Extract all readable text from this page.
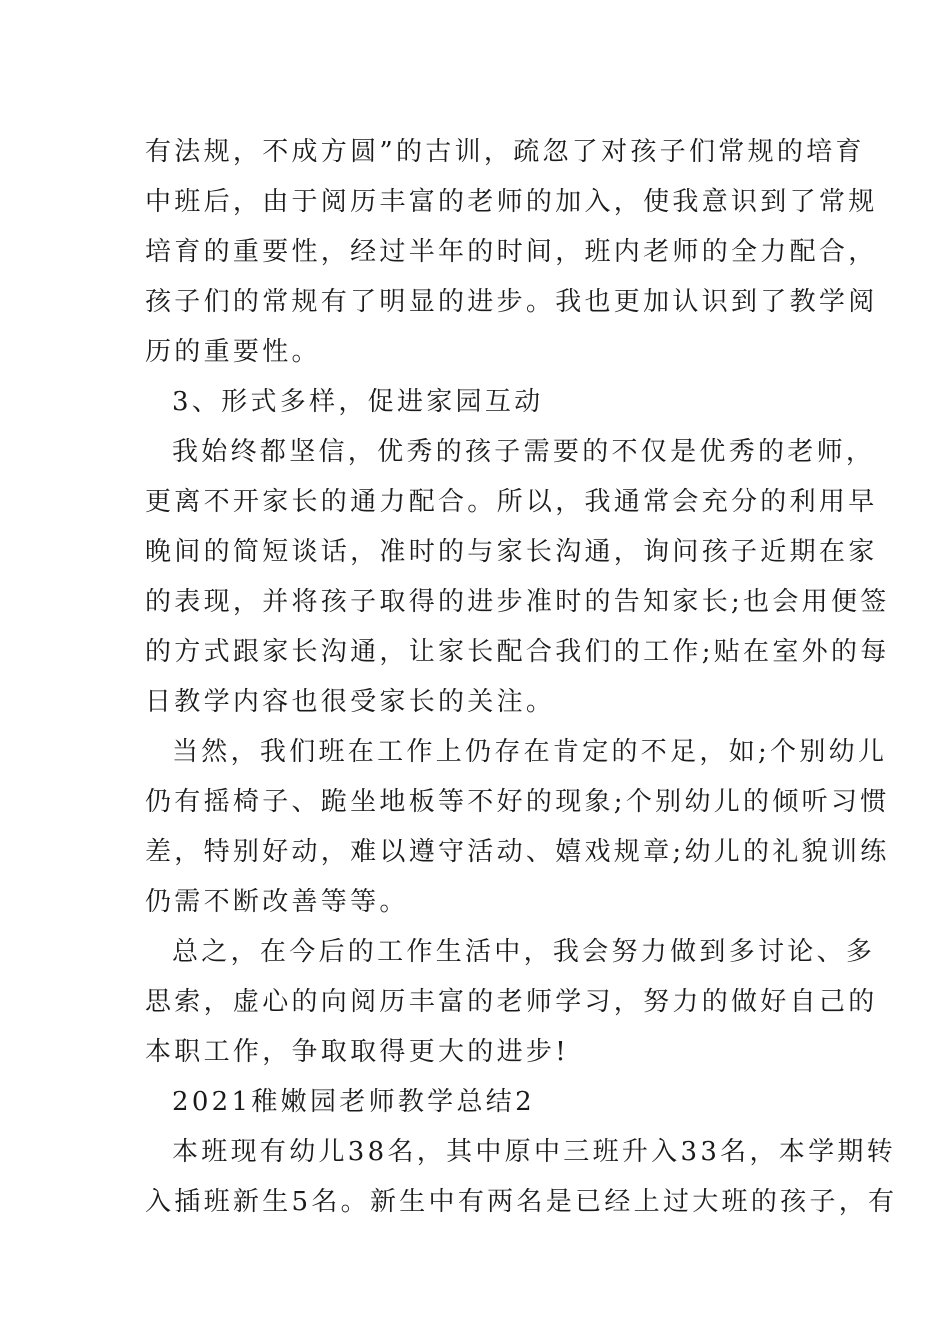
有法规，不成方圆”的古训，疏忽了对孩子们常规的培育
中班后，由于阅历丰富的老师的加入，使我意识到了常规
培育的重要性，经过半年的时间，班内老师的全力配合，
孩子们的常规有了明显的进步。我也更加认识到了教学阅
历的重要性。
3、形式多样，促进家园互动
我始终都坚信，优秀的孩子需要的不仅是优秀的老师，
更离不开家长的通力配合。所以，我通常会充分的利用早
晚间的简短谈话，准时的与家长沟通，询问孩子近期在家
的表现，并将孩子取得的进步准时的告知家长;也会用便签
的方式跟家长沟通，让家长配合我们的工作;贴在室外的每
日教学内容也很受家长的关注。
当然，我们班在工作上仍存在肯定的不足，如;个别幼儿
仍有摇椅子、跪坐地板等不好的现象;个别幼儿的倾听习惯
差，特别好动，难以遵守活动、嬉戏规章;幼儿的礼貌训练
仍需不断改善等等。
总之，在今后的工作生活中，我会努力做到多讨论、多
思索，虚心的向阅历丰富的老师学习，努力的做好自己的
本职工作，争取取得更大的进步!
2021稚嫩园老师教学总结2
本班现有幼儿38名，其中原中三班升入33名，本学期转
入插班新生5名。新生中有两名是已经上过大班的孩子，有
